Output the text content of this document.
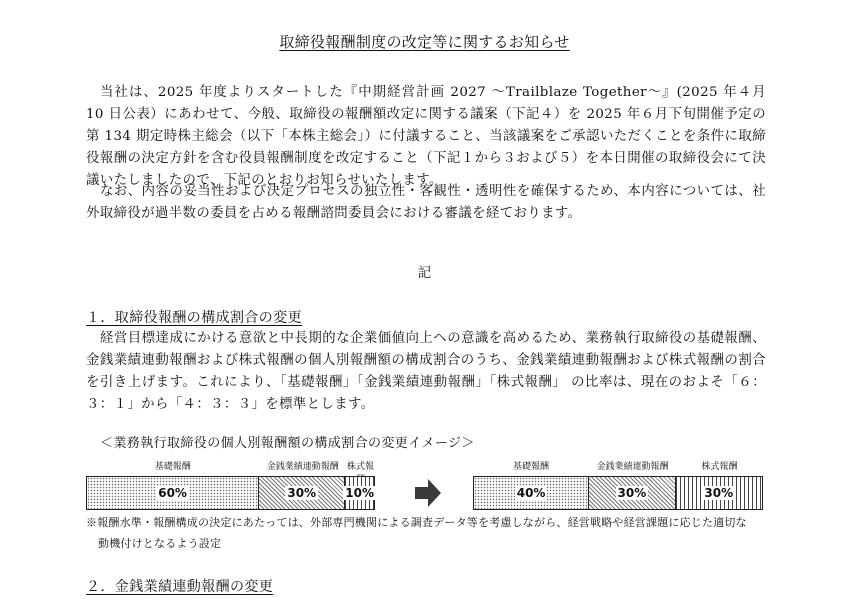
取締役報酬制度の改定等に関するお知らせ
当社は、2025 年度よりスタートした『中期経営計画 2027 〜Trailblaze Together〜』(2025 年４月 10 日公表）にあわせて、今般、取締役の報酬額改定に関する議案（下記４）を 2025 年６月下旬開催予定の第 134 期定時株主総会（以下「本株主総会」）に付議すること、当該議案をご承認いただくことを条件に取締役報酬の決定方針を含む役員報酬制度を改定すること（下記１から３および５）を本日開催の取締役会にて決議いたしましたので、下記のとおりお知らせいたします。
なお、内容の妥当性および決定プロセスの独立性・客観性・透明性を確保するため、本内容については、社外取締役が過半数の委員を占める報酬諮問委員会における審議を経ております。
記
１．取締役報酬の構成割合の変更
経営目標達成にかける意欲と中長期的な企業価値向上への意識を高めるため、業務執行取締役の基礎報酬、金銭業績連動報酬および株式報酬の個人別報酬額の構成割合のうち、金銭業績連動報酬および株式報酬の割合を引き上げます。これにより、「基礎報酬」「金銭業績連動報酬」「株式報酬」 の比率は、現在のおよそ「６：３：１」から「４：３：３」を標準とします。
＜業務執行取締役の個人別報酬額の構成割合の変更イメージ＞
基礎報酬	金銭業績連動報酬 株式報	基礎報酬	金銭業績連動報酬	株式報酬
60%	30% 10%	40%	30%	30%
※報酬水準・報酬構成の決定にあたっては、外部専門機関による調査データ等を考慮しながら、経営戦略や経営課題に応じた適切な
動機付けとなるよう設定
２．金銭業績連動報酬の変更
